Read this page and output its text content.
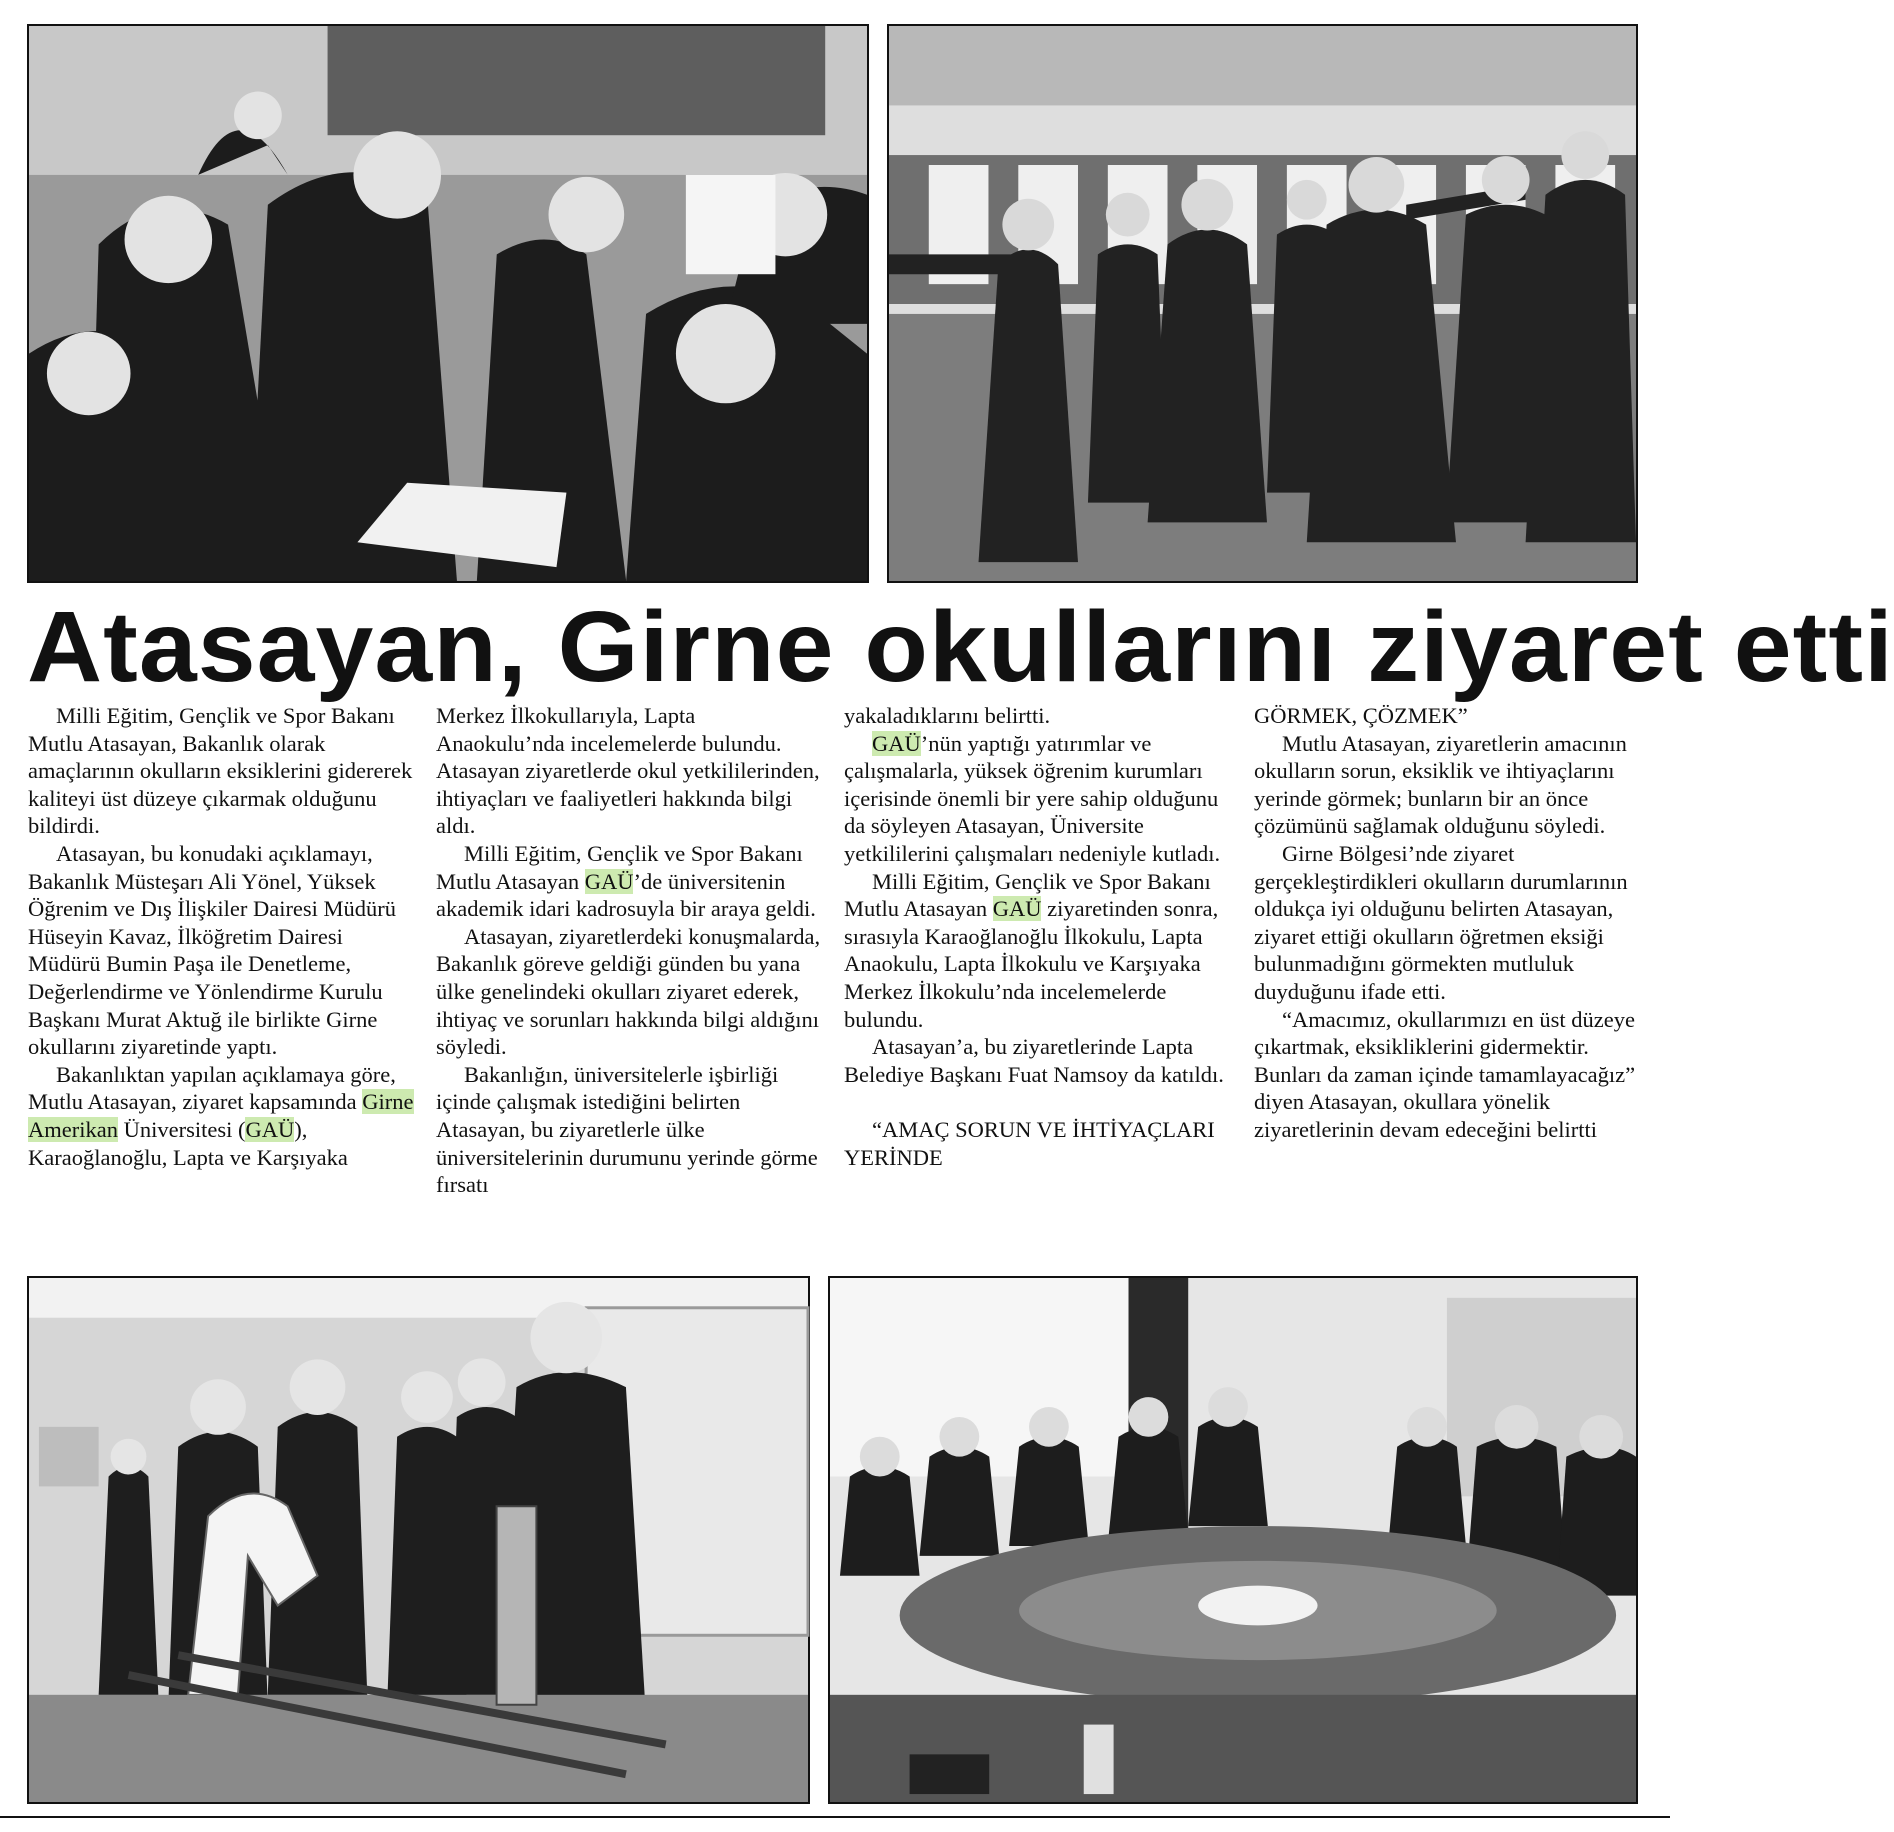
Atasayan, Girne okullarını ziyaret etti

Milli Eğitim, Gençlik ve Spor Bakanı Mutlu Atasayan, Bakanlık olarak amaçlarının okulların eksiklerini gidererek kaliteyi üst düzeye çıkarmak olduğunu bildirdi.

Atasayan, bu konudaki açıklamayı, Bakanlık Müsteşarı Ali Yönel, Yüksek Öğrenim ve Dış İlişkiler Dairesi Müdürü Hüseyin Kavaz, İlköğretim Dairesi Müdürü Bumin Paşa ile Denetleme, Değerlendirme ve Yönlendirme Kurulu Başkanı Murat Aktuğ ile birlikte Girne okullarını ziyaretinde yaptı.

Bakanlıktan yapılan açıklamaya göre, Mutlu Atasayan, ziyaret kapsamında Girne Amerikan Üniversitesi (GAÜ), Karaoğlanoğlu, Lapta ve Karşıyaka

Merkez İlkokullarıyla, Lapta Anaokulu’nda incelemelerde bulundu. Atasayan ziyaretlerde okul yetkililerinden, ihtiyaçları ve faaliyetleri hakkında bilgi aldı.

Milli Eğitim, Gençlik ve Spor Bakanı Mutlu Atasayan GAÜ’de üniversitenin akademik idari kadrosuyla bir araya geldi.

Atasayan, ziyaretlerdeki konuşmalarda, Bakanlık göreve geldiği günden bu yana ülke genelindeki okulları ziyaret ederek, ihtiyaç ve sorunları hakkında bilgi aldığını söyledi.

Bakanlığın, üniversitelerle işbirliği içinde çalışmak istediğini belirten Atasayan, bu ziyaretlerle ülke üniversitelerinin durumunu yerinde görme fırsatı

yakaladıklarını belirtti.

GAÜ’nün yaptığı yatırımlar ve çalışmalarla, yüksek öğrenim kurumları içerisinde önemli bir yere sahip olduğunu da söyleyen Atasayan, Üniversite yetkililerini çalışmaları nedeniyle kutladı.

Milli Eğitim, Gençlik ve Spor Bakanı Mutlu Atasayan GAÜ ziyaretinden sonra, sırasıyla Karaoğlanoğlu İlkokulu, Lapta Anaokulu, Lapta İlkokulu ve Karşıyaka Merkez İlkokulu’nda incelemelerde bulundu.

Atasayan’a, bu ziyaretlerinde Lapta Belediye Başkanı Fuat Namsoy da katıldı.

“AMAÇ SORUN VE İHTİYAÇLARI YERİNDE

GÖRMEK, ÇÖZMEK”

Mutlu Atasayan, ziyaretlerin amacının okulların sorun, eksiklik ve ihtiyaçlarını yerinde görmek; bunların bir an önce çözümünü sağlamak olduğunu söyledi.

Girne Bölgesi’nde ziyaret gerçekleştirdikleri okulların durumlarının oldukça iyi olduğunu belirten Atasayan, ziyaret ettiği okulların öğretmen eksiği bulunmadığını görmekten mutluluk duyduğunu ifade etti.

“Amacımız, okullarımızı en üst düzeye çıkartmak, eksikliklerini gidermektir. Bunları da zaman içinde tamamlayacağız” diyen Atasayan, okullara yönelik ziyaretlerinin devam edeceğini belirtti
